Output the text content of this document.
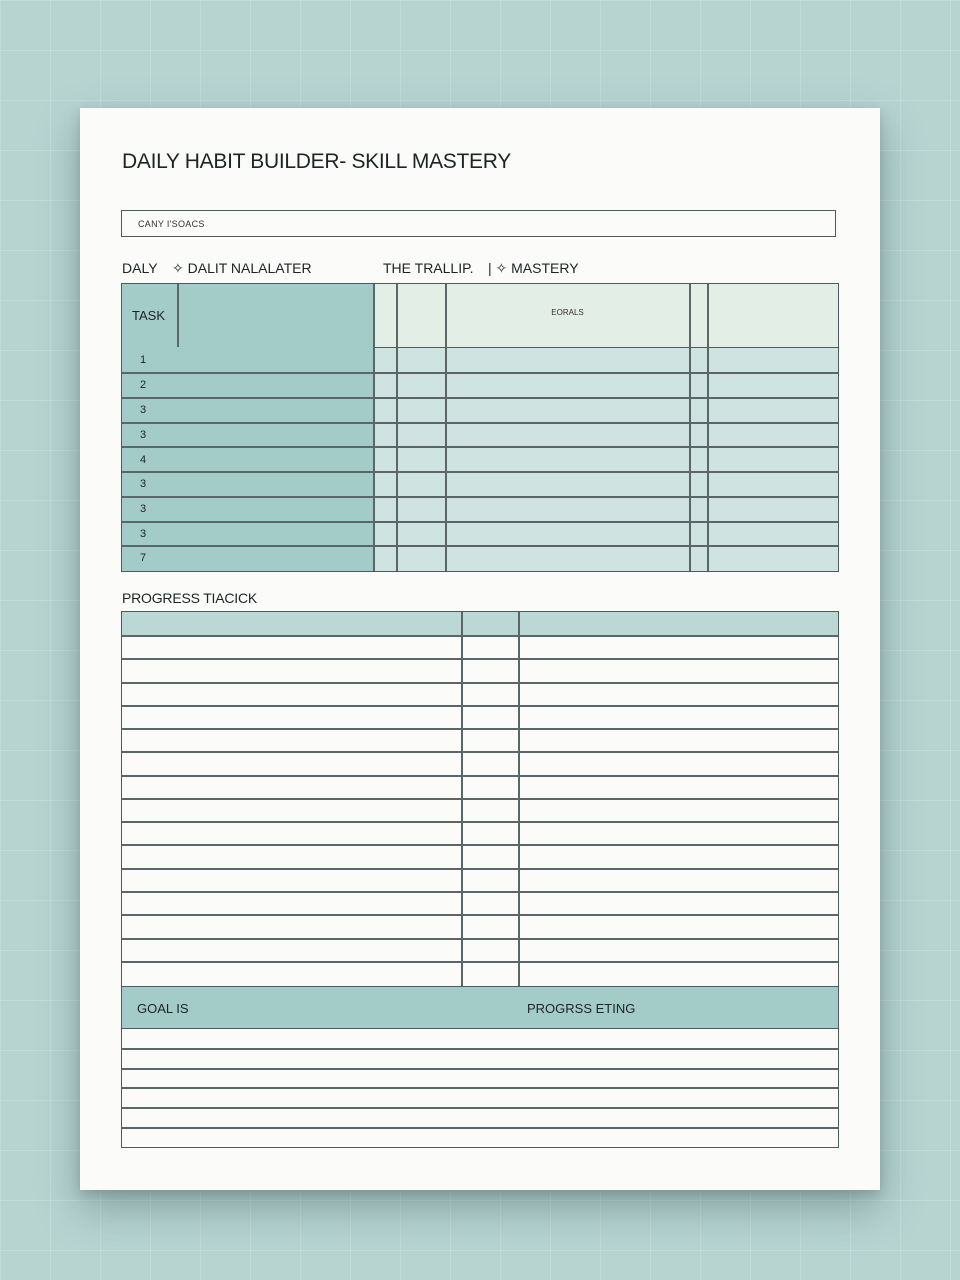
DAILY HABIT BUILDER- SKILL MASTERY
CANY I'SOACS
DALY ✧ DALIT NALALATER	THE TRALLIP. | ✧ MASTERY
TASK	EORALS
1
2
3
3
4
3
3
3
7
PROGRESS TIACICK
GOAL IS	PROGRSS ETING
